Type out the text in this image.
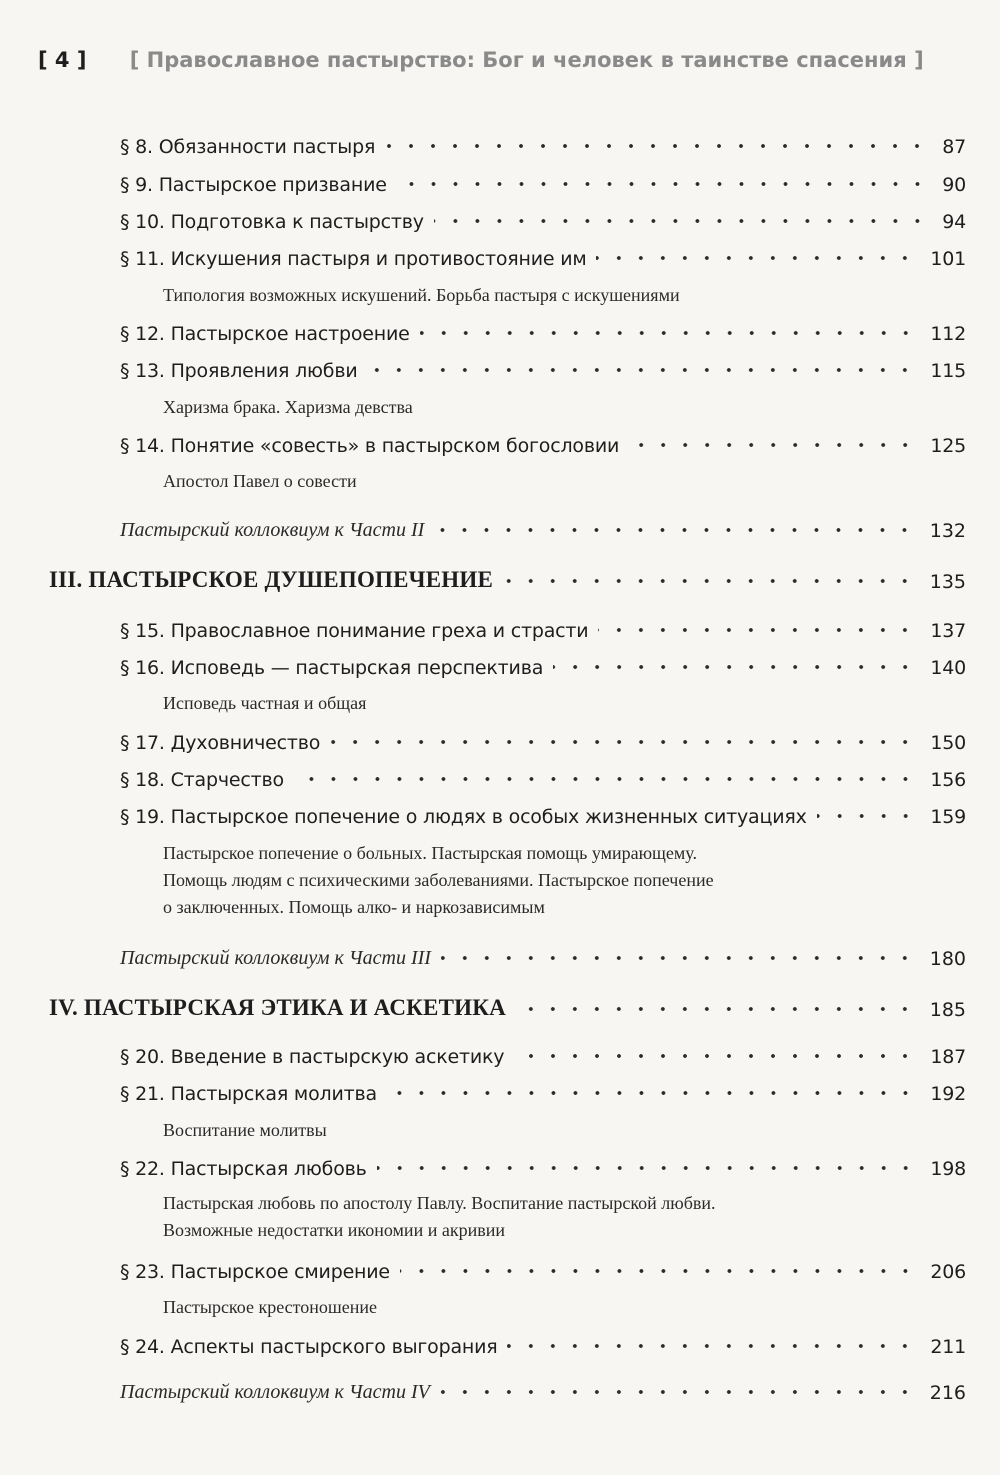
[ 4 ] [ Православное пастырство: Бог и человек в таинстве спасения ]
§ 8. Обязанности пастыря	87
§ 9. Пастырское призвание	90
§ 10. Подготовка к пастырству	94
§ 11. Искушения пастыря и противостояние им	101
Типология возможных искушений. Борьба пастыря с искушениями
§ 12. Пастырское настроение	112
§ 13. Проявления любви	115
Харизма брака. Харизма девства
§ 14. Понятие «совесть» в пастырском богословии	125
Апостол Павел о совести
Пастырский коллоквиум к Части II	132
III. ПАСТЫРСКОЕ ДУШЕПОПЕЧЕНИЕ	135
§ 15. Православное понимание греха и страсти	137
§ 16. Исповедь — пастырская перспектива	140
Исповедь частная и общая
§ 17. Духовничество	150
§ 18. Старчество	156
§ 19. Пастырское попечение о людях в особых жизненных ситуациях	159
Пастырское попечение о больных. Пастырская помощь умирающему.
Помощь людям с психическими заболеваниями. Пастырское попечение
о заключенных. Помощь алко- и наркозависимым
Пастырский коллоквиум к Части III	180
IV. ПАСТЫРСКАЯ ЭТИКА И АСКЕТИКА	185
§ 20. Введение в пастырскую аскетику	187
§ 21. Пастырская молитва	192
Воспитание молитвы
§ 22. Пастырская любовь	198
Пастырская любовь по апостолу Павлу. Воспитание пастырской любви.
Возможные недостатки икономии и акривии
§ 23. Пастырское смирение	206
Пастырское крестоношение
§ 24. Аспекты пастырского выгорания	211
Пастырский коллоквиум к Части IV	216
